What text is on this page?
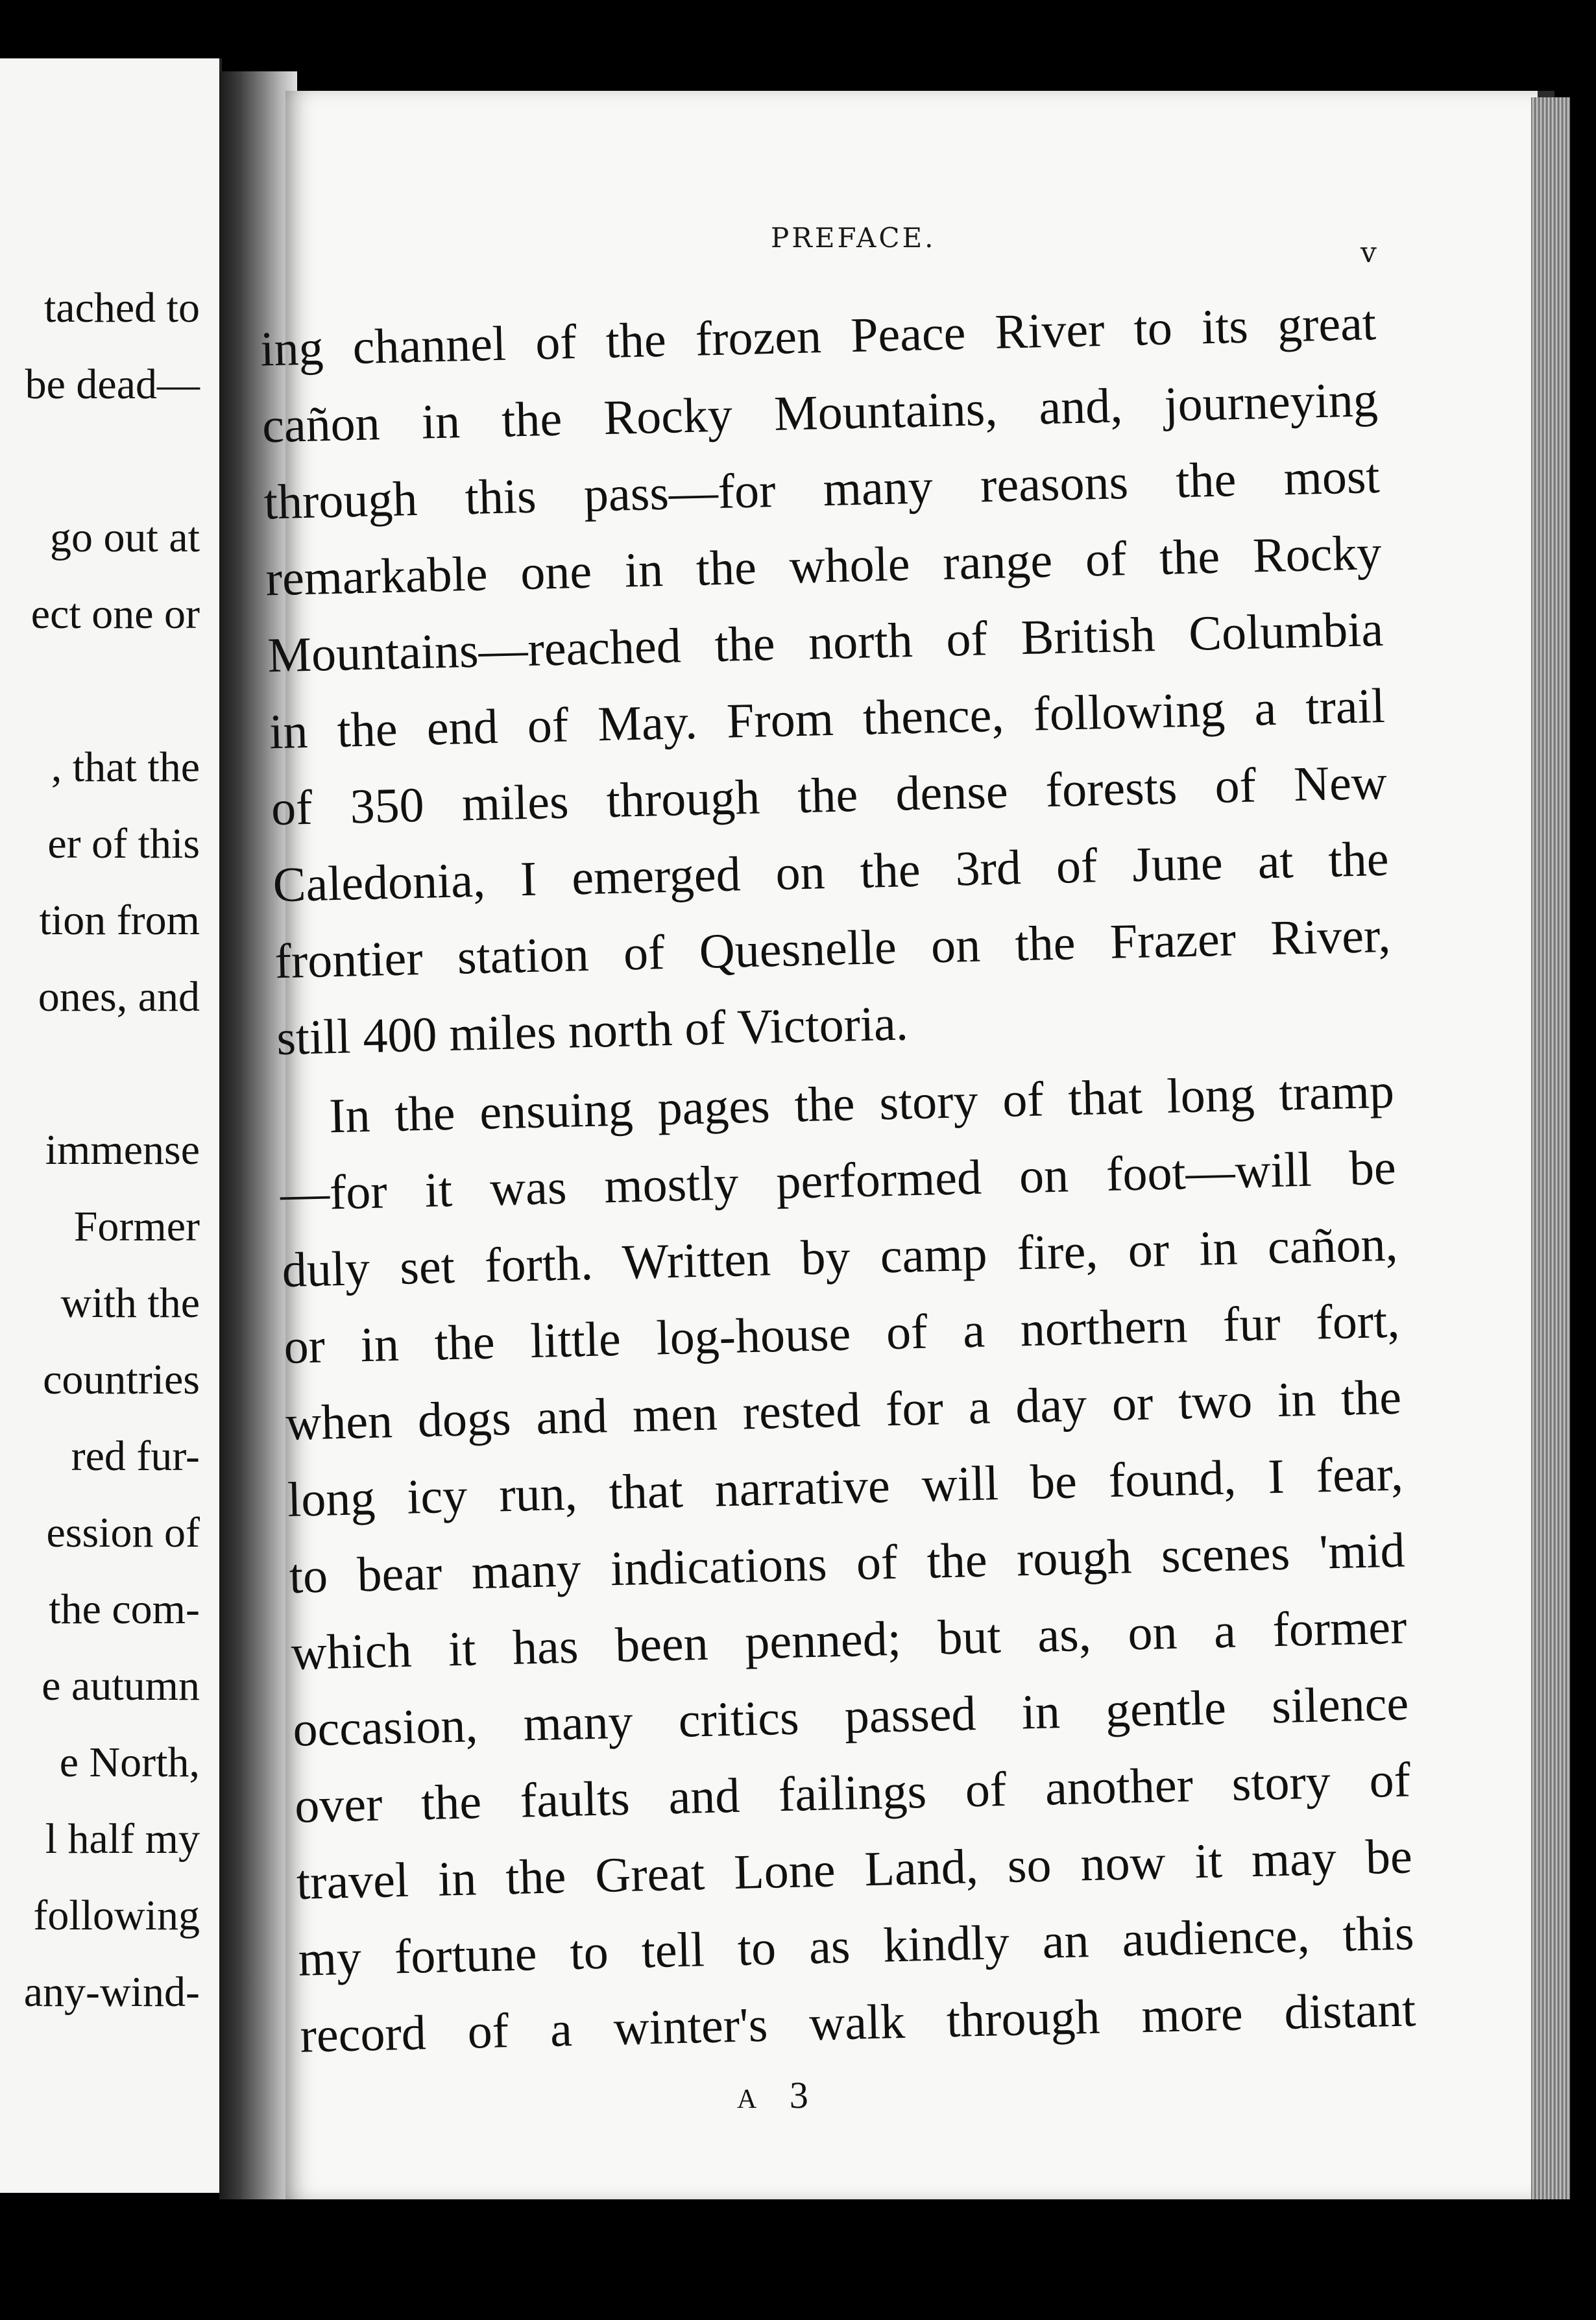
tached to
be dead—
go out at
ect one or
, that the
er of this
tion from
ones, and
immense
Former
with the
countries
red fur-
ession of
the com-
e autumn
e North,
l half my
following
any-wind-
PREFACE.	v
ing channel of the frozen Peace River to its great
cañon in the Rocky Mountains, and, journeying
through this pass—for many reasons the most
remarkable one in the whole range of the Rocky
Mountains—reached the north of British Columbia
in the end of May. From thence, following a trail
of 350 miles through the dense forests of New
Caledonia, I emerged on the 3rd of June at the
frontier station of Quesnelle on the Frazer River,
still 400 miles north of Victoria.
In the ensuing pages the story of that long tramp
—for it was mostly performed on foot—will be
duly set forth. Written by camp fire, or in cañon,
or in the little log-house of a northern fur fort,
when dogs and men rested for a day or two in the
long icy run, that narrative will be found, I fear,
to bear many indications of the rough scenes 'mid
which it has been penned; but as, on a former
occasion, many critics passed in gentle silence
over the faults and failings of another story of
travel in the Great Lone Land, so now it may be
my fortune to tell to as kindly an audience, this
record of a winter's walk through more distant
A 3
